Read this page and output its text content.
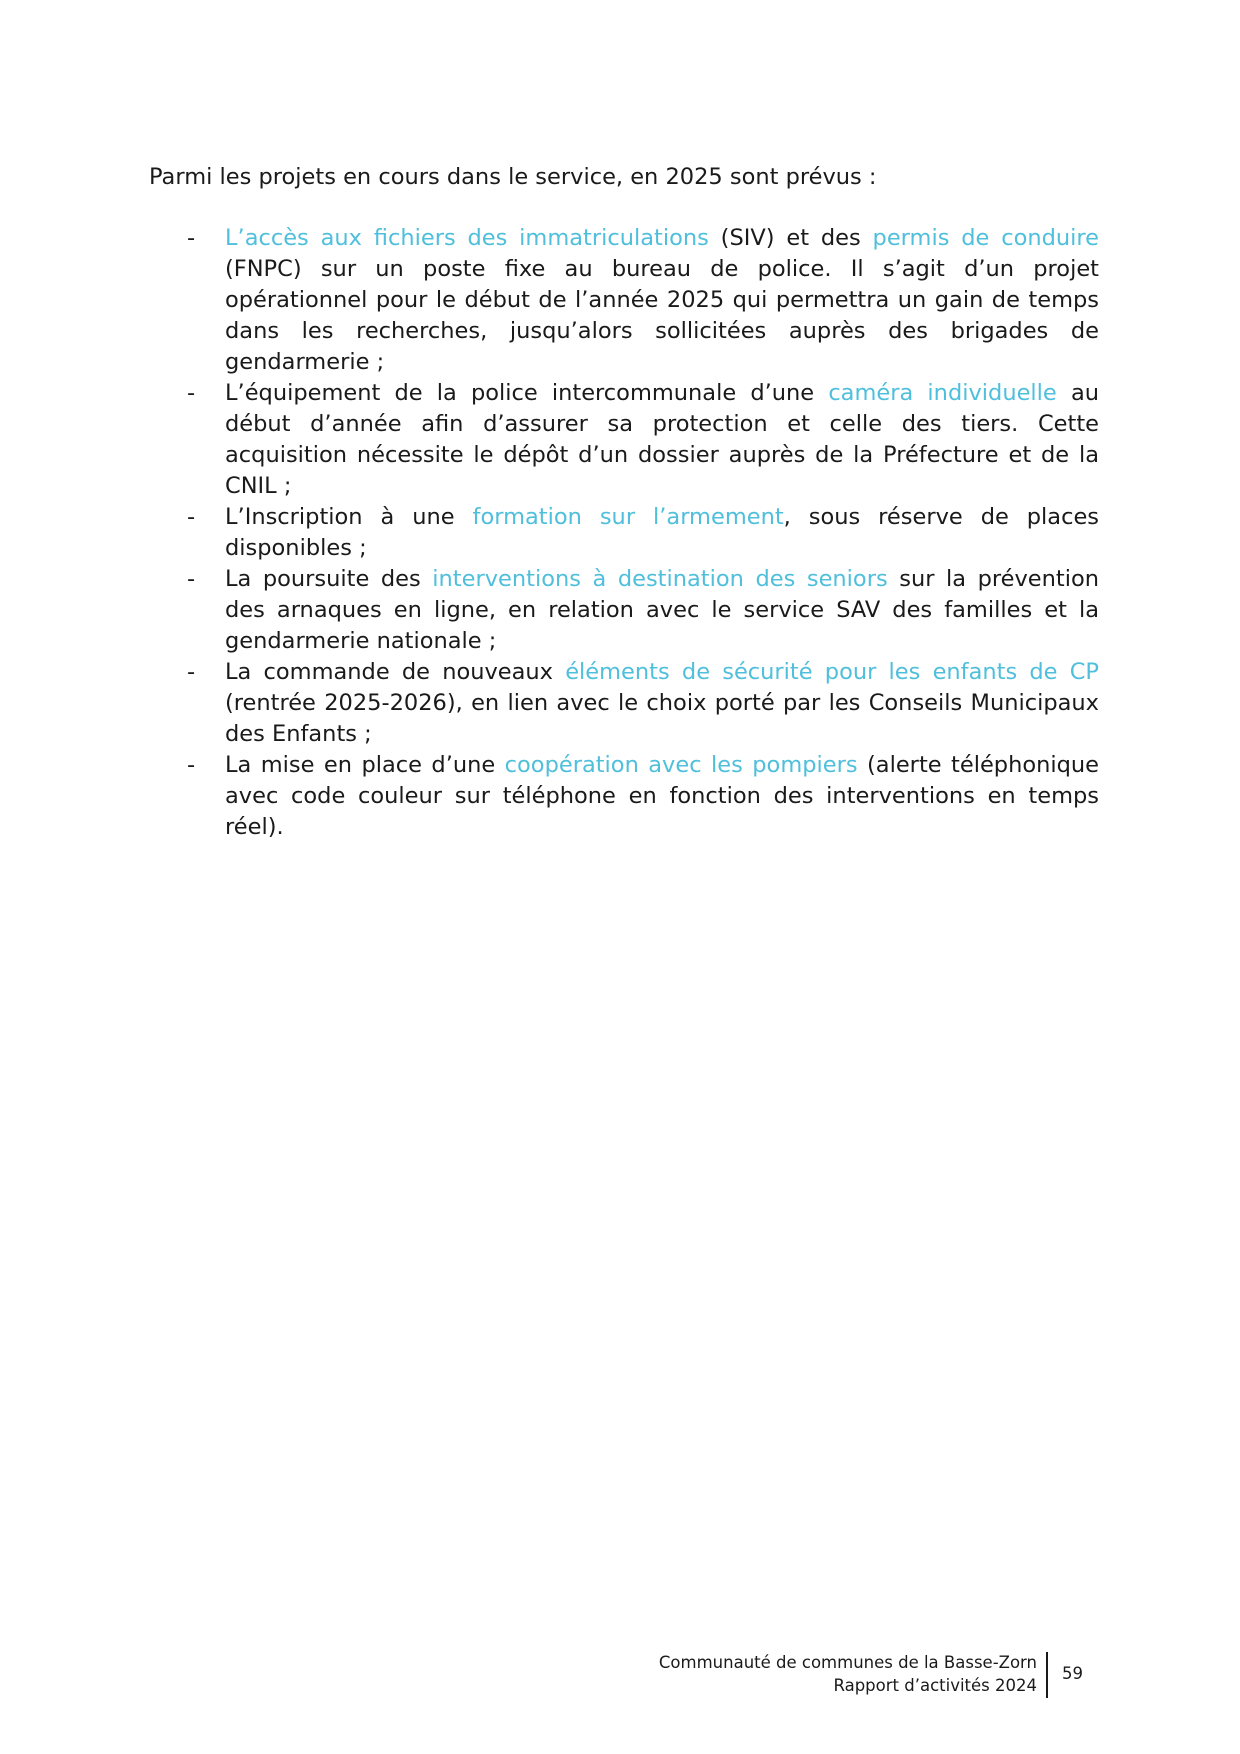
Parmi les projets en cours dans le service, en 2025 sont prévus :

- L’accès aux fichiers des immatriculations (SIV) et des permis de conduire (FNPC) sur un poste fixe au bureau de police. Il s’agit d’un projet opérationnel pour le début de l’année 2025 qui permettra un gain de temps dans les recherches, jusqu’alors sollicitées auprès des brigades de gendarmerie ;
- L’équipement de la police intercommunale d’une caméra individuelle au début d’année afin d’assurer sa protection et celle des tiers. Cette acquisition nécessite le dépôt d’un dossier auprès de la Préfecture et de la CNIL ;
- L’Inscription à une formation sur l’armement, sous réserve de places disponibles ;
- La poursuite des interventions à destination des seniors sur la prévention des arnaques en ligne, en relation avec le service SAV des familles et la gendarmerie nationale ;
- La commande de nouveaux éléments de sécurité pour les enfants de CP (rentrée 2025-2026), en lien avec le choix porté par les Conseils Municipaux des Enfants ;
- La mise en place d’une coopération avec les pompiers (alerte téléphonique avec code couleur sur téléphone en fonction des interventions en temps réel).
Communauté de communes de la Basse-Zorn
Rapport d’activités 2024
59
